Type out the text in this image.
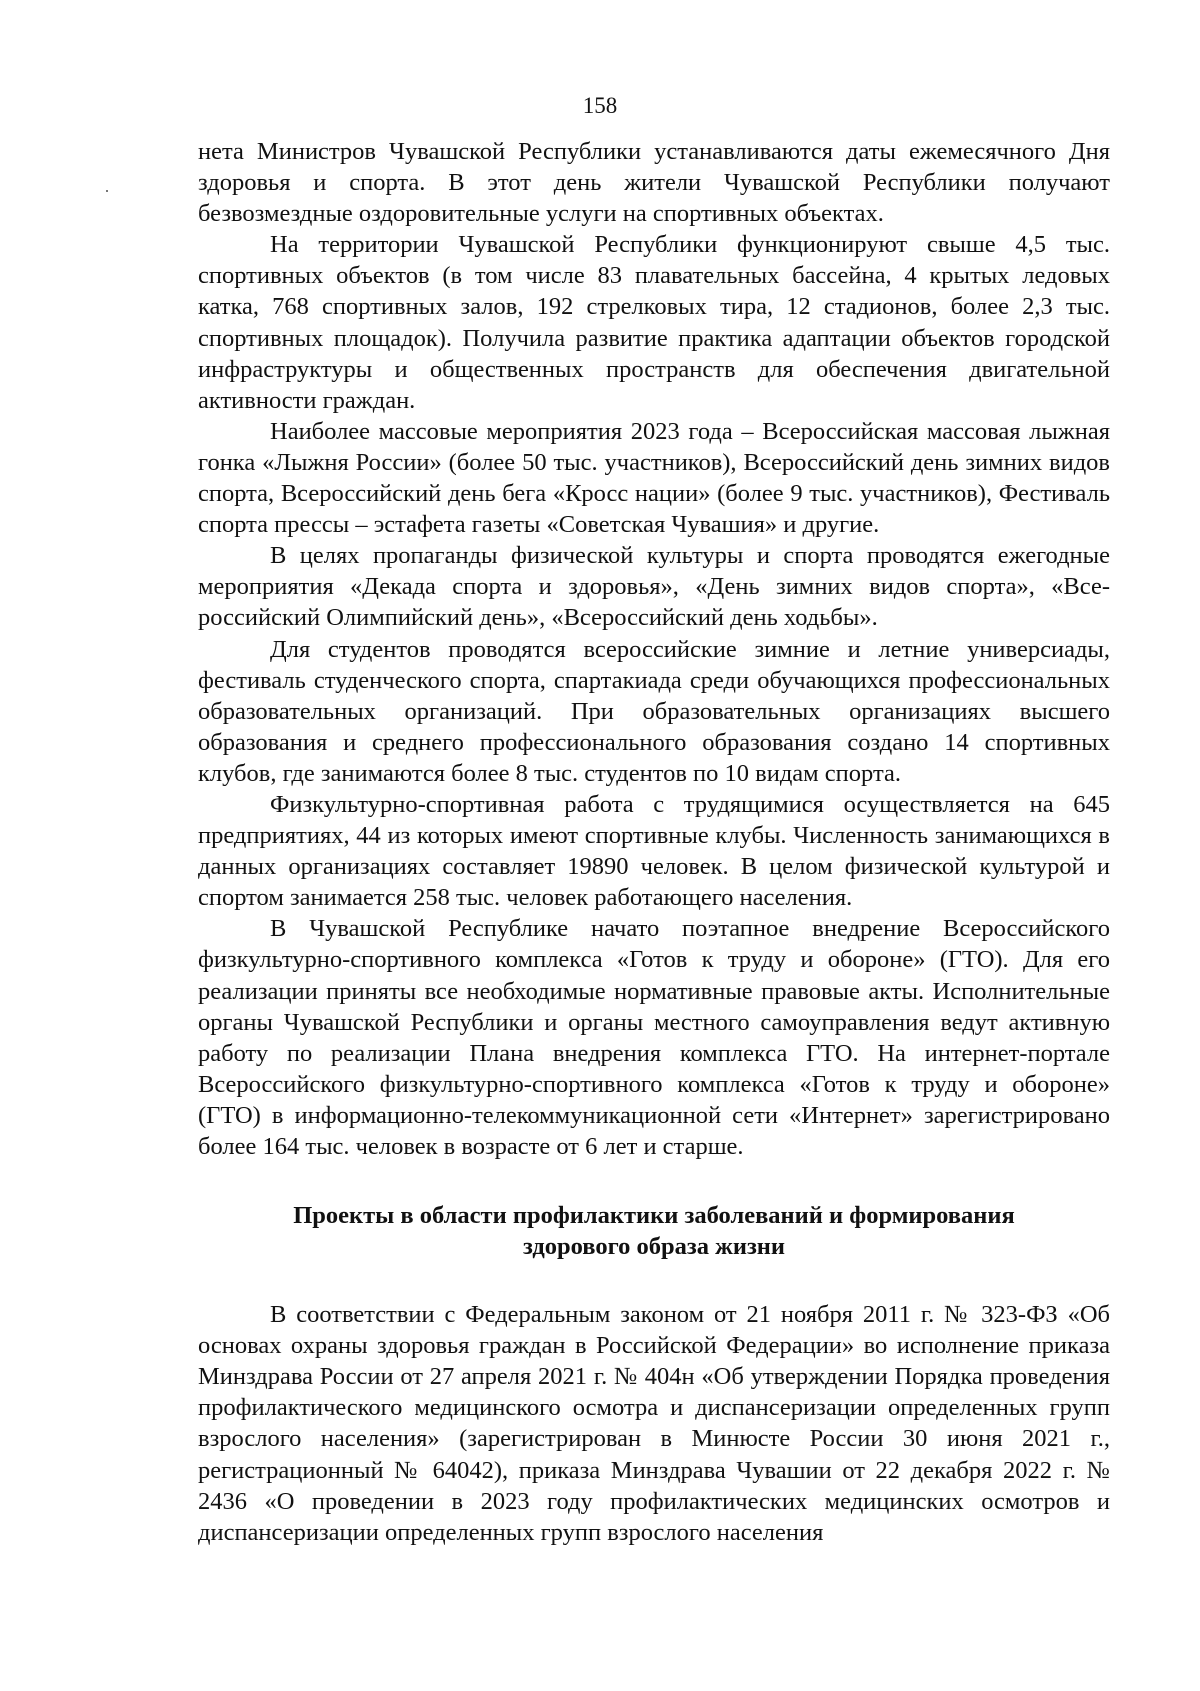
158

нета Министров Чувашской Республики устанавливаются даты ежемесячного Дня здоровья и спорта. В этот день жители Чувашской Республики получают безвозмездные оздоровительные услуги на спортивных объектах.

На территории Чувашской Республики функционируют свыше 4,5 тыс. спортивных объектов (в том числе 83 плавательных бассейна, 4 крытых ледовых катка, 768 спортивных залов, 192 стрелковых тира, 12 стадионов, более 2,3 тыс. спортивных площадок). Получила развитие практика адаптации объектов городской инфраструктуры и общественных пространств для обеспечения двигательной активности граждан.

Наиболее массовые мероприятия 2023 года – Всероссийская массовая лыжная гонка «Лыжня России» (более 50 тыс. участников), Всероссийский день зимних видов спорта, Всероссийский день бега «Кросс нации» (более 9 тыс. участников), Фестиваль спорта прессы – эстафета газеты «Советская Чувашия» и другие.

В целях пропаганды физической культуры и спорта проводятся ежегодные мероприятия «Декада спорта и здоровья», «День зимних видов спорта», «Всероссийский Олимпийский день», «Всероссийский день ходьбы».

Для студентов проводятся всероссийские зимние и летние универсиады, фестиваль студенческого спорта, спартакиада среди обучающихся профессиональных образовательных организаций. При образовательных организациях высшего образования и среднего профессионального образования создано 14 спортивных клубов, где занимаются более 8 тыс. студентов по 10 видам спорта.

Физкультурно-спортивная работа с трудящимися осуществляется на 645 предприятиях, 44 из которых имеют спортивные клубы. Численность занимающихся в данных организациях составляет 19890 человек. В целом физической культурой и спортом занимается 258 тыс. человек работающего населения.

В Чувашской Республике начато поэтапное внедрение Всероссийского физкультурно-спортивного комплекса «Готов к труду и обороне» (ГТО). Для его реализации приняты все необходимые нормативные правовые акты. Исполнительные органы Чувашской Республики и органы местного самоуправления ведут активную работу по реализации Плана внедрения комплекса ГТО. На интернет-портале Всероссийского физкультурно-спортивного комплекса «Готов к труду и обороне» (ГТО) в информационно-телекоммуникационной сети «Интернет» зарегистрировано более 164 тыс. человек в возрасте от 6 лет и старше.

Проекты в области профилактики заболеваний и формирования
здорового образа жизни

В соответствии с Федеральным законом от 21 ноября 2011 г. № 323-ФЗ «Об основах охраны здоровья граждан в Российской Федерации» во исполнение приказа Минздрава России от 27 апреля 2021 г. № 404н «Об утверждении Порядка проведения профилактического медицинского осмотра и диспансеризации определенных групп взрослого населения» (зарегистрирован в Минюсте России 30 июня 2021 г., регистрационный № 64042), приказа Минздрава Чувашии от 22 декабря 2022 г. № 2436 «О проведении в 2023 году профилактических медицинских осмотров и диспансеризации определенных групп взрослого населения
